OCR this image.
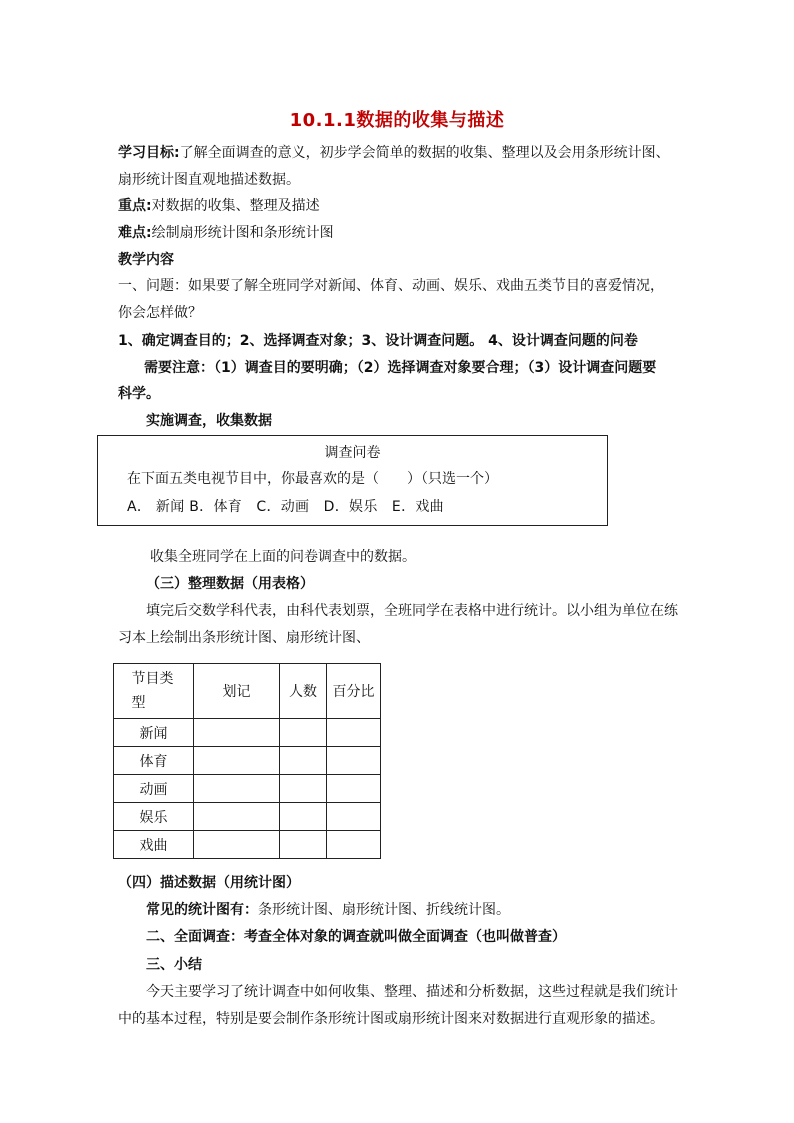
10.1.1数据的收集与描述
学习目标:了解全面调查的意义，初步学会简单的数据的收集、整理以及会用条形统计图、
扇形统计图直观地描述数据。
重点:对数据的收集、整理及描述
难点:绘制扇形统计图和条形统计图
教学内容
一、问题：如果要了解全班同学对新闻、体育、动画、娱乐、戏曲五类节目的喜爱情况，
你会怎样做？
1、确定调查目的；2、选择调查对象；3、设计调查问题。 4、设计调查问题的问卷
需要注意：（1）调查目的要明确；（2）选择调查对象要合理；（3）设计调查问题要
科学。
实施调查，收集数据
调查问卷
在下面五类电视节目中，你最喜欢的是（　　）（只选一个）
A． 新闻 B．体育　C．动画　D．娱乐　E．戏曲
收集全班同学在上面的问卷调查中的数据。
（三）整理数据（用表格）
填完后交数学科代表，由科代表划票，全班同学在表格中进行统计。以小组为单位在练
习本上绘制出条形统计图、扇形统计图、
节目类型	划记	人数	百分比
新闻			
体育			
动画			
娱乐			
戏曲			
（四）描述数据（用统计图）
常见的统计图有：条形统计图、扇形统计图、折线统计图。
二、全面调查：考查全体对象的调查就叫做全面调查（也叫做普查）
三、小结
今天主要学习了统计调查中如何收集、整理、描述和分析数据，这些过程就是我们统计
中的基本过程，特别是要会制作条形统计图或扇形统计图来对数据进行直观形象的描述。
